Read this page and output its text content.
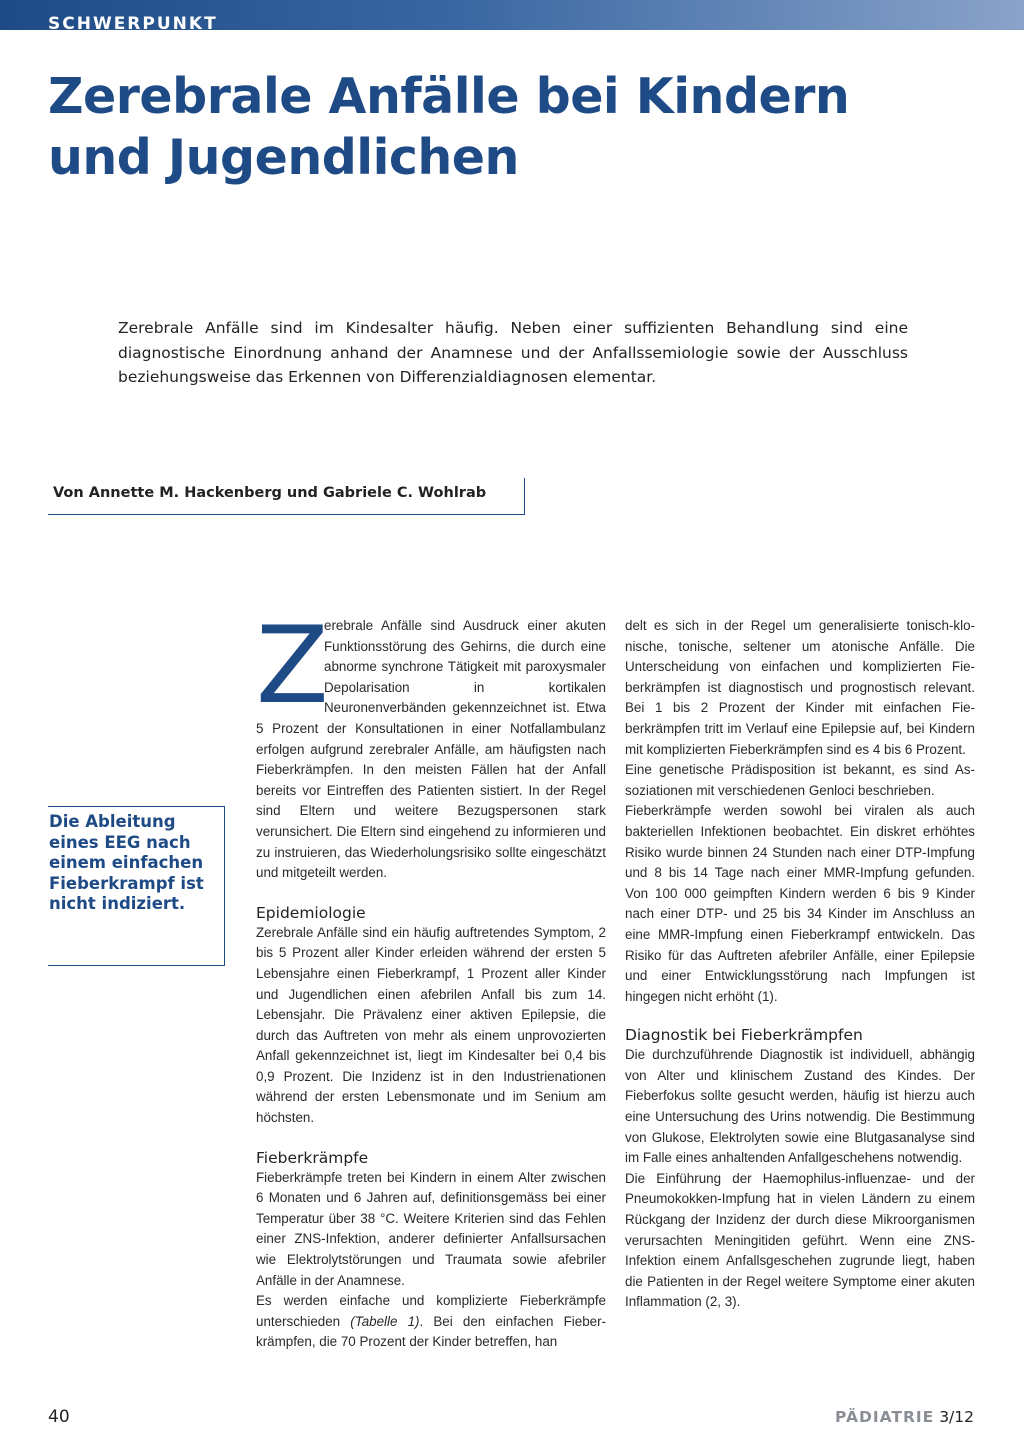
SCHWERPUNKT
Zerebrale Anfälle bei Kindern
und Jugendlichen

Zerebrale Anfälle sind im Kindesalter häufig. Neben einer suffizienten Behandlung sind eine diagnostische Einordnung anhand der Anamnese und der Anfallssemiologie sowie der Ausschluss beziehungsweise das Erkennen von Differenzialdiagnosen elementar.

Von Annette M. Hackenberg und Gabriele C. Wohlrab
Die Ableitung eines EEG nach einem einfachen Fieberkrampf ist nicht indiziert.

Z
erebrale Anfälle sind Ausdruck einer akuten Funktionsstörung des Gehirns, die durch eine abnorme synchrone Tätigkeit mit paroxysmaler Depolarisation in kortikalen Neuronenverbänden gekennzeichnet ist. Etwa 5 Prozent der Konsultationen in einer Notfallambulanz erfolgen aufgrund zerebraler Anfälle, am häufigsten nach Fieberkrämpfen. In den meisten Fällen hat der Anfall bereits vor Eintreffen des Patienten sistiert. In der Regel sind Eltern und weitere Bezugspersonen stark verunsichert. Die Eltern sind eingehend zu informieren und zu instruieren, das Wiederholungsrisiko sollte eingeschätzt und mitgeteilt werden.

Epidemiologie

Zerebrale Anfälle sind ein häufig auftretendes Symptom, 2 bis 5 Prozent aller Kinder erleiden während der ersten 5 Lebensjahre einen Fieberkrampf, 1 Prozent aller Kinder und Jugendlichen einen afebrilen Anfall bis zum 14. Lebensjahr. Die Prävalenz einer aktiven Epilepsie, die durch das Auftreten von mehr als einem unprovozierten Anfall gekennzeichnet ist, liegt im Kindesalter bei 0,4 bis 0,9 Prozent. Die Inzidenz ist in den Industrienationen während der ersten Lebensmonate und im Senium am höchsten.

Fieberkrämpfe

Fieberkrämpfe treten bei Kindern in einem Alter zwischen 6 Monaten und 6 Jahren auf, definitionsgemäss bei einer Temperatur über 38 °C. Weitere Kriterien sind das Fehlen einer ZNS-Infektion, anderer definierter Anfallsursachen wie Elektrolytstörungen und Traumata sowie afebriler Anfälle in der Anamnese.

Es werden einfache und komplizierte Fieberkrämpfe unterschieden (Tabelle 1). Bei den einfachen Fieberkrämpfen, die 70 Prozent der Kinder betreffen, han

delt es sich in der Regel um generalisierte tonisch-klonische, tonische, seltener um atonische Anfälle. Die Unterscheidung von einfachen und komplizierten Fieberkrämpfen ist diagnostisch und prognostisch relevant. Bei 1 bis 2 Prozent der Kinder mit einfachen Fieberkrämpfen tritt im Verlauf eine Epilepsie auf, bei Kindern mit komplizierten Fieberkrämpfen sind es 4 bis 6 Prozent.

Eine genetische Prädisposition ist bekannt, es sind Assoziationen mit verschiedenen Genloci beschrieben.

Fieberkrämpfe werden sowohl bei viralen als auch bakteriellen Infektionen beobachtet. Ein diskret erhöhtes Risiko wurde binnen 24 Stunden nach einer DTP-Impfung und 8 bis 14 Tage nach einer MMR-Impfung gefunden. Von 100 000 geimpften Kindern werden 6 bis 9 Kinder nach einer DTP- und 25 bis 34 Kinder im Anschluss an eine MMR-Impfung einen Fieberkrampf entwickeln. Das Risiko für das Auftreten afebriler Anfälle, einer Epilepsie und einer Entwicklungsstörung nach Impfungen ist hingegen nicht erhöht (1).

Diagnostik bei Fieberkrämpfen

Die durchzuführende Diagnostik ist individuell, abhängig von Alter und klinischem Zustand des Kindes. Der Fieberfokus sollte gesucht werden, häufig ist hierzu auch eine Untersuchung des Urins notwendig. Die Bestimmung von Glukose, Elektrolyten sowie eine Blutgasanalyse sind im Falle eines anhaltenden Anfallgeschehens notwendig.

Die Einführung der Haemophilus-influenzae- und der Pneumokokken-Impfung hat in vielen Ländern zu einem Rückgang der Inzidenz der durch diese Mikroorganismen verursachten Meningitiden geführt. Wenn eine ZNS-Infektion einem Anfallsgeschehen zugrunde liegt, haben die Patienten in der Regel weitere Symptome einer akuten Inflammation (2, 3).

40	PÄDIATRIE 3/12
